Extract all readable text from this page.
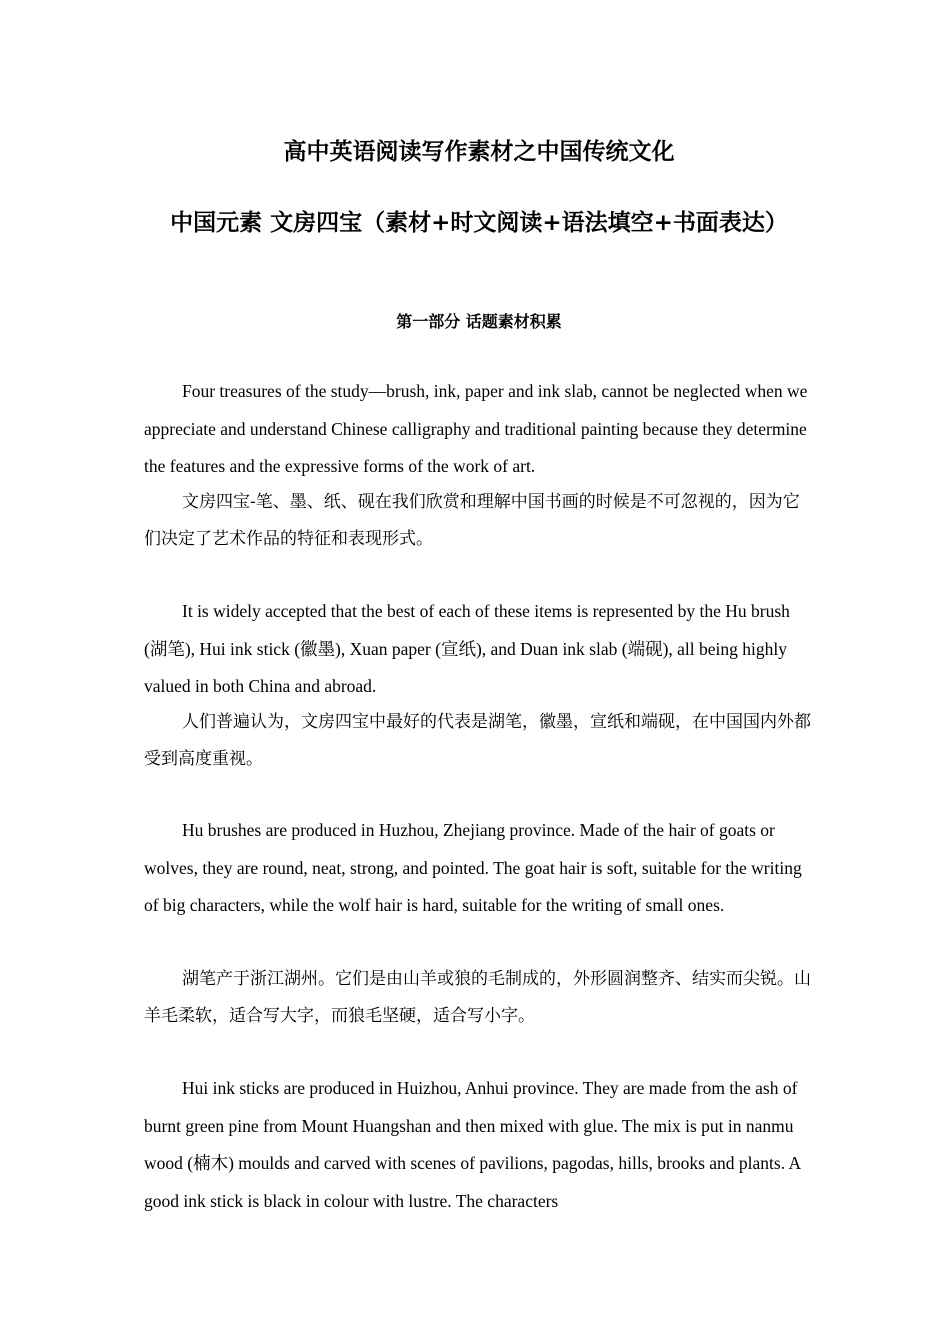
高中英语阅读写作素材之中国传统文化
中国元素 文房四宝（素材+时文阅读+语法填空+书面表达）
第一部分 话题素材积累

Four treasures of the study—brush, ink, paper and ink slab, cannot be neglected when we appreciate and understand Chinese calligraphy and traditional painting because they determine the features and the expressive forms of the work of art.

文房四宝-笔、墨、纸、砚在我们欣赏和理解中国书画的时候是不可忽视的，因为它们决定了艺术作品的特征和表现形式。

It is widely accepted that the best of each of these items is represented by the Hu brush (湖笔), Hui ink stick (徽墨), Xuan paper (宣纸), and Duan ink slab (端砚), all being highly valued in both China and abroad.

人们普遍认为，文房四宝中最好的代表是湖笔，徽墨，宣纸和端砚，在中国国内外都受到高度重视。

Hu brushes are produced in Huzhou, Zhejiang province. Made of the hair of goats or wolves, they are round, neat, strong, and pointed. The goat hair is soft, suitable for the writing of big characters, while the wolf hair is hard, suitable for the writing of small ones.

湖笔产于浙江湖州。它们是由山羊或狼的毛制成的，外形圆润整齐、结实而尖锐。山羊毛柔软，适合写大字，而狼毛坚硬，适合写小字。

Hui ink sticks are produced in Huizhou, Anhui province. They are made from the ash of burnt green pine from Mount Huangshan and then mixed with glue. The mix is put in nanmu wood (楠木) moulds and carved with scenes of pavilions, pagodas, hills, brooks and plants. A good ink stick is black in colour with lustre. The characters
